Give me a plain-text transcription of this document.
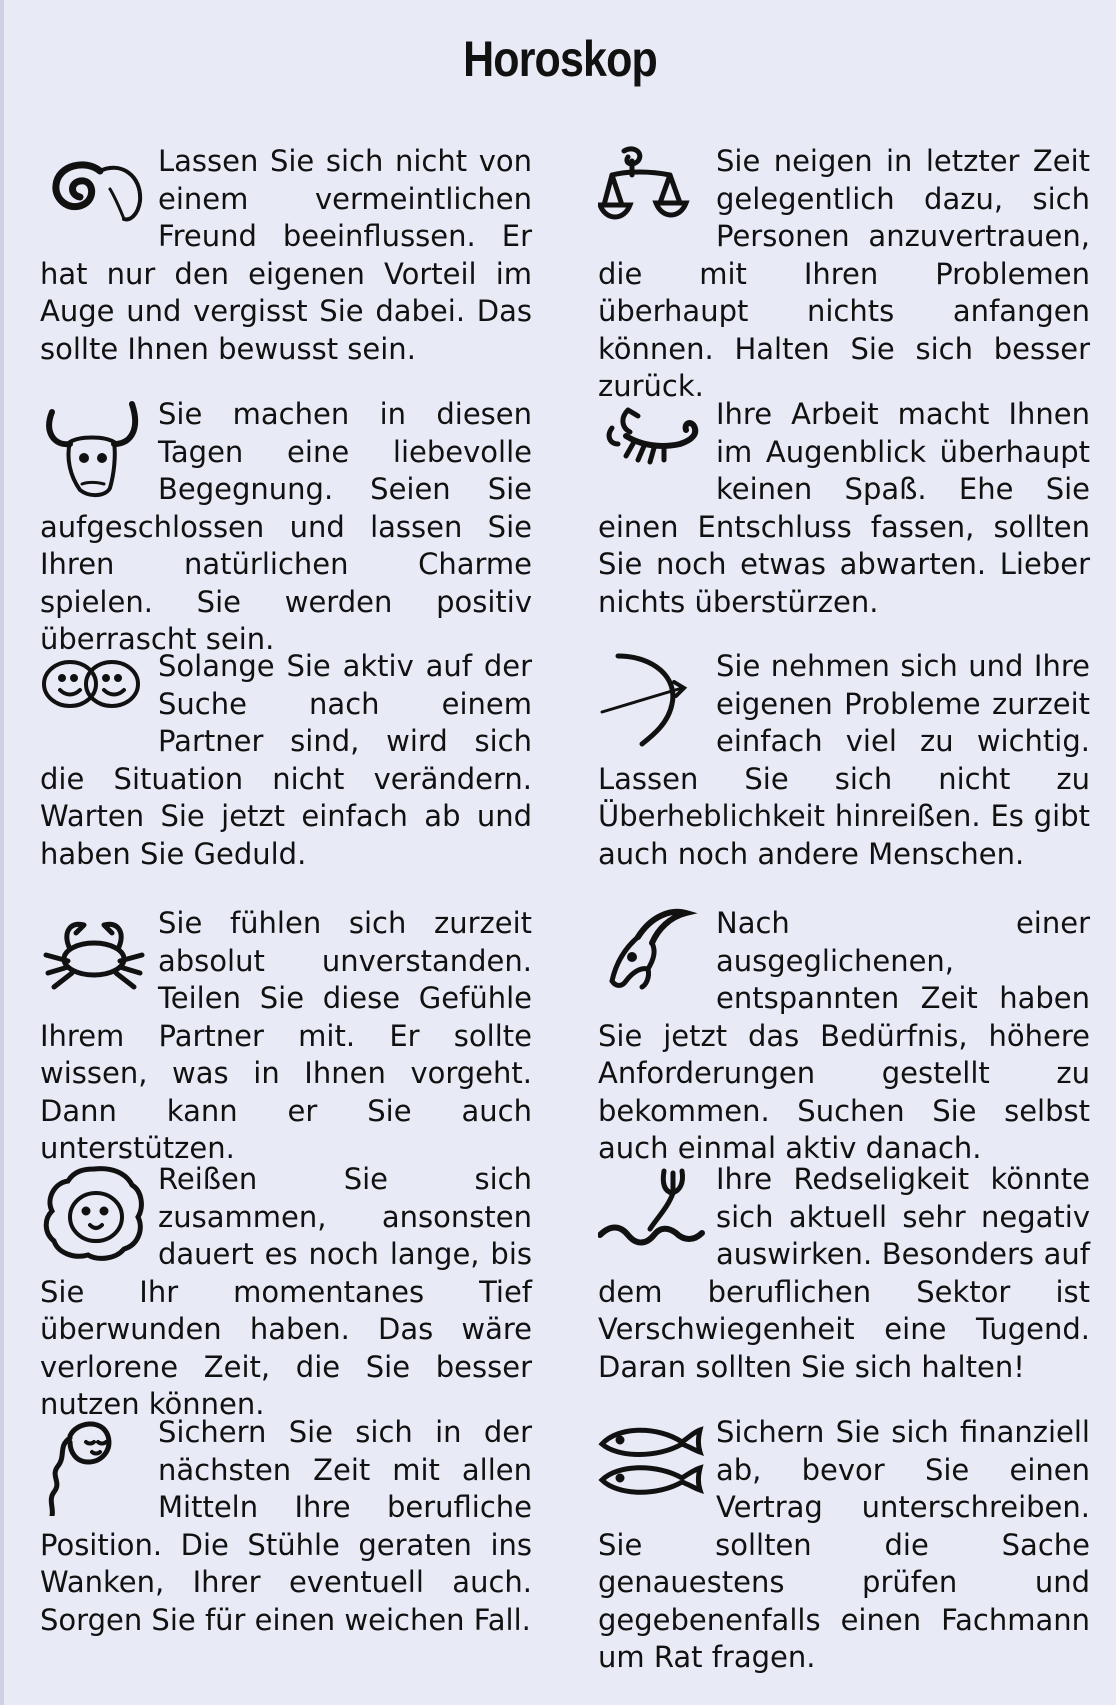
Horoskop
Lassen Sie sich nicht von einem vermeintlichen Freund beeinflussen. Er hat nur den eigenen Vorteil im Auge und vergisst Sie dabei. Das sollte Ihnen bewusst sein.
Sie machen in diesen Tagen eine liebevolle Begegnung. Seien Sie aufgeschlossen und lassen Sie Ihren natürlichen Charme spielen. Sie werden positiv überrascht sein.
Solange Sie aktiv auf der Suche nach einem Partner sind, wird sich die Situation nicht verändern. Warten Sie jetzt einfach ab und haben Sie Geduld.
Sie fühlen sich zurzeit absolut unverstanden. Teilen Sie diese Gefühle Ihrem Partner mit. Er sollte wissen, was in Ihnen vorgeht. Dann kann er Sie auch unterstützen.
Reißen Sie sich zusammen, ansonsten dauert es noch lange, bis Sie Ihr momentanes Tief überwunden haben. Das wäre verlorene Zeit, die Sie besser nutzen können.
Sichern Sie sich in der nächsten Zeit mit allen Mitteln Ihre berufliche Position. Die Stühle geraten ins Wanken, Ihrer eventuell auch. Sorgen Sie für einen weichen Fall.
Sie neigen in letzter Zeit gelegentlich dazu, sich Personen anzuvertrauen, die mit Ihren Problemen überhaupt nichts anfangen können. Halten Sie sich besser zurück.
Ihre Arbeit macht Ihnen im Augenblick überhaupt keinen Spaß. Ehe Sie einen Entschluss fassen, sollten Sie noch etwas abwarten. Lieber nichts überstürzen.
Sie nehmen sich und Ihre eigenen Probleme zurzeit einfach viel zu wichtig. Lassen Sie sich nicht zu Überheblichkeit hinreißen. Es gibt auch noch andere Menschen.
Nach einer ausgeglichenen, entspannten Zeit haben Sie jetzt das Bedürfnis, höhere Anforderungen gestellt zu bekommen. Suchen Sie selbst auch einmal aktiv danach.
Ihre Redseligkeit könnte sich aktuell sehr negativ auswirken. Besonders auf dem beruflichen Sektor ist Verschwiegenheit eine Tugend. Daran sollten Sie sich halten!
Sichern Sie sich finanziell ab, bevor Sie einen Vertrag unterschreiben. Sie sollten die Sache genauestens prüfen und gegebenenfalls einen Fachmann um Rat fragen.
